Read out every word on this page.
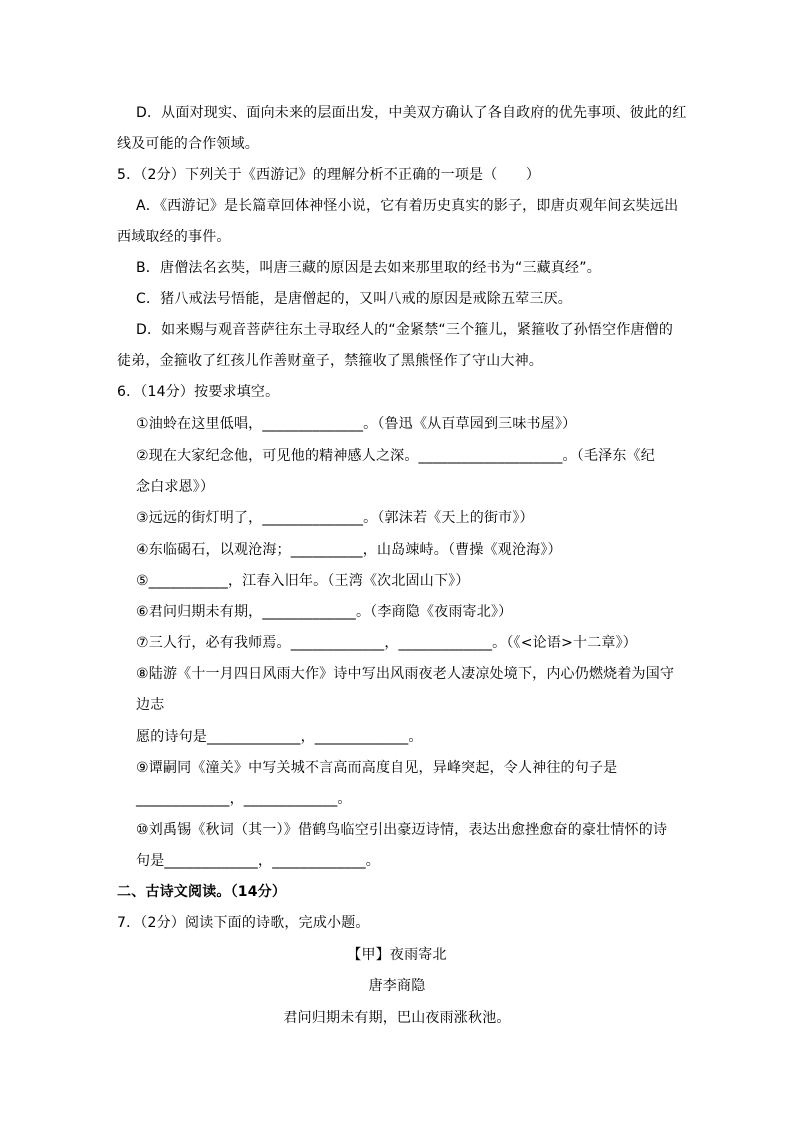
D．从面对现实、面向未来的层面出发，中美双方确认了各自政府的优先事项、彼此的红
线及可能的合作领域。
5．（2分）下列关于《西游记》的理解分析不正确的一项是（　　）
A．《西游记》是长篇章回体神怪小说，它有着历史真实的影子，即唐贞观年间玄奘远出
西域取经的事件。
B．唐僧法名玄奘，叫唐三藏的原因是去如来那里取的经书为“三藏真经”。
C．猪八戒法号悟能，是唐僧起的，又叫八戒的原因是戒除五荤三厌。
D．如来赐与观音菩萨往东土寻取经人的“金紧禁“三个箍儿，紧箍收了孙悟空作唐僧的
徒弟，金箍收了红孩儿作善财童子，禁箍收了黑熊怪作了守山大神。
6．（14分）按要求填空。
①油蛉在这里低唱，______________。（鲁迅《从百草园到三味书屋》）
②现在大家纪念他，可见他的精神感人之深。____________________。（毛泽东《纪
念白求恩》）
③远远的街灯明了，______________。（郭沫若《天上的街市》）
④东临碣石，以观沧海；__________，山岛竦峙。（曹操《观沧海》）
⑤___________，江春入旧年。（王湾《次北固山下》）
⑥君问归期未有期，_____________。（李商隐《夜雨寄北》）
⑦三人行，必有我师焉。_____________，_____________。（《<论语>十二章》）
⑧陆游《十一月四日风雨大作》诗中写出风雨夜老人凄凉处境下，内心仍燃烧着为国守
边志
愿的诗句是_____________，_____________。
⑨谭嗣同《潼关》中写关城不言高而高度自见，异峰突起，令人神往的句子是
_____________，_____________。
⑩刘禹锡《秋词（其一）》借鹤鸟临空引出豪迈诗情，表达出愈挫愈奋的豪壮情怀的诗
句是_____________，_____________。
二、古诗文阅读。（14分）
7．（2分）阅读下面的诗歌，完成小题。
【甲】夜雨寄北
唐李商隐
君问归期未有期，巴山夜雨涨秋池。
